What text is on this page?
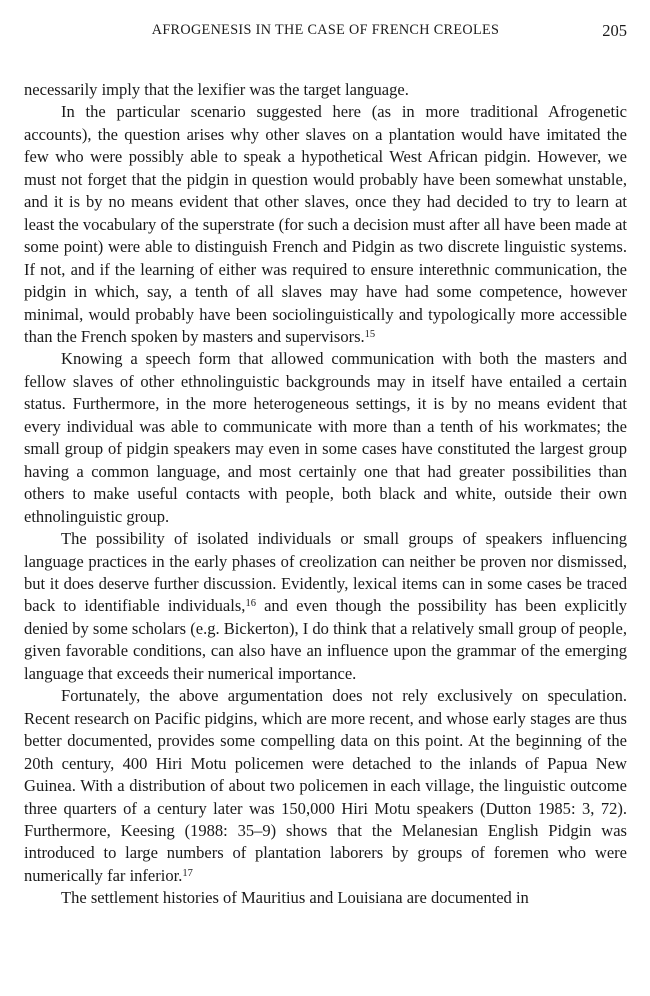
AFROGENESIS IN THE CASE OF FRENCH CREOLES	205

necessarily imply that the lexifier was the target language.

In the particular scenario suggested here (as in more traditional Afrogenetic accounts), the question arises why other slaves on a plantation would have imitated the few who were possibly able to speak a hypothetical West African pidgin. However, we must not forget that the pidgin in question would probably have been somewhat unstable, and it is by no means evident that other slaves, once they had decided to try to learn at least the vocabulary of the superstrate (for such a decision must after all have been made at some point) were able to distinguish French and Pidgin as two discrete linguistic systems. If not, and if the learning of either was required to ensure interethnic communication, the pidgin in which, say, a tenth of all slaves may have had some competence, however minimal, would probably have been sociolinguistically and typologically more accessible than the French spoken by masters and supervisors.$^{15}$

Knowing a speech form that allowed communication with both the masters and fellow slaves of other ethnolinguistic backgrounds may in itself have entailed a certain status. Furthermore, in the more heterogeneous settings, it is by no means evident that every individual was able to communicate with more than a tenth of his workmates; the small group of pidgin speakers may even in some cases have constituted the largest group having a common language, and most certainly one that had greater possibilities than others to make useful contacts with people, both black and white, outside their own ethnolinguistic group.

The possibility of isolated individuals or small groups of speakers influencing language practices in the early phases of creolization can neither be proven nor dismissed, but it does deserve further discussion. Evidently, lexical items can in some cases be traced back to identifiable individuals,$^{16}$ and even though the possibility has been explicitly denied by some scholars (e.g. Bickerton), I do think that a relatively small group of people, given favorable conditions, can also have an influence upon the grammar of the emerging language that exceeds their numerical importance.

Fortunately, the above argumentation does not rely exclusively on speculation. Recent research on Pacific pidgins, which are more recent, and whose early stages are thus better documented, provides some compelling data on this point. At the beginning of the 20th century, 400 Hiri Motu policemen were detached to the inlands of Papua New Guinea. With a distribution of about two policemen in each village, the linguistic outcome three quarters of a century later was 150,000 Hiri Motu speakers (Dutton 1985: 3, 72). Furthermore, Keesing (1988: 35–9) shows that the Melanesian English Pidgin was introduced to large numbers of plantation laborers by groups of foremen who were numerically far inferior.$^{17}$

The settlement histories of Mauritius and Louisiana are documented in
